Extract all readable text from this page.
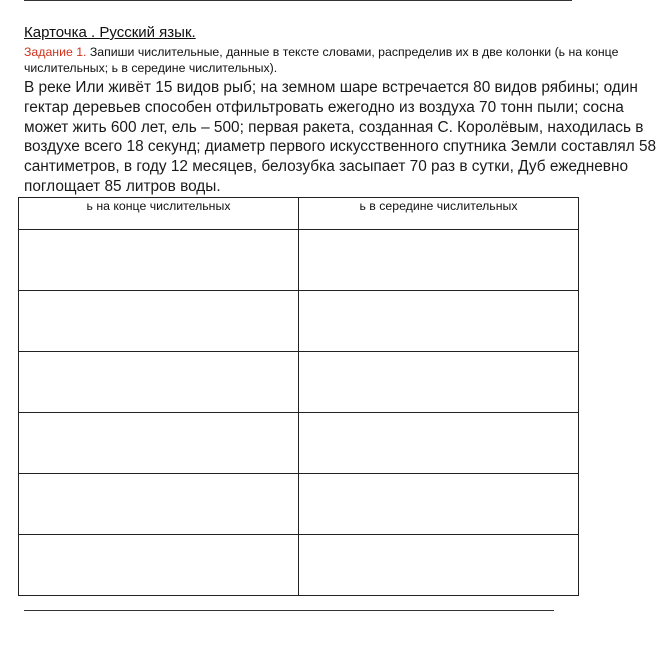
Карточка . Русский язык.
Задание 1. Запиши числительные, данные в тексте словами, распределив их в две колонки (ь на конце числительных; ь в середине числительных).
В реке Или живёт 15 видов рыб; на земном шаре встречается 80 видов рябины; один гектар деревьев способен отфильтровать ежегодно из воздуха 70 тонн пыли; сосна может жить 600 лет, ель – 500; первая ракета, созданная С. Королёвым, находилась в воздухе всего 18 секунд; диаметр первого искусственного спутника Земли составлял 58 сантиметров, в году 12 месяцев, белозубка засыпает 70 раз в сутки, Дуб ежедневно поглощает 85 литров воды.
ь на конце числительных	ь в середине числительных
